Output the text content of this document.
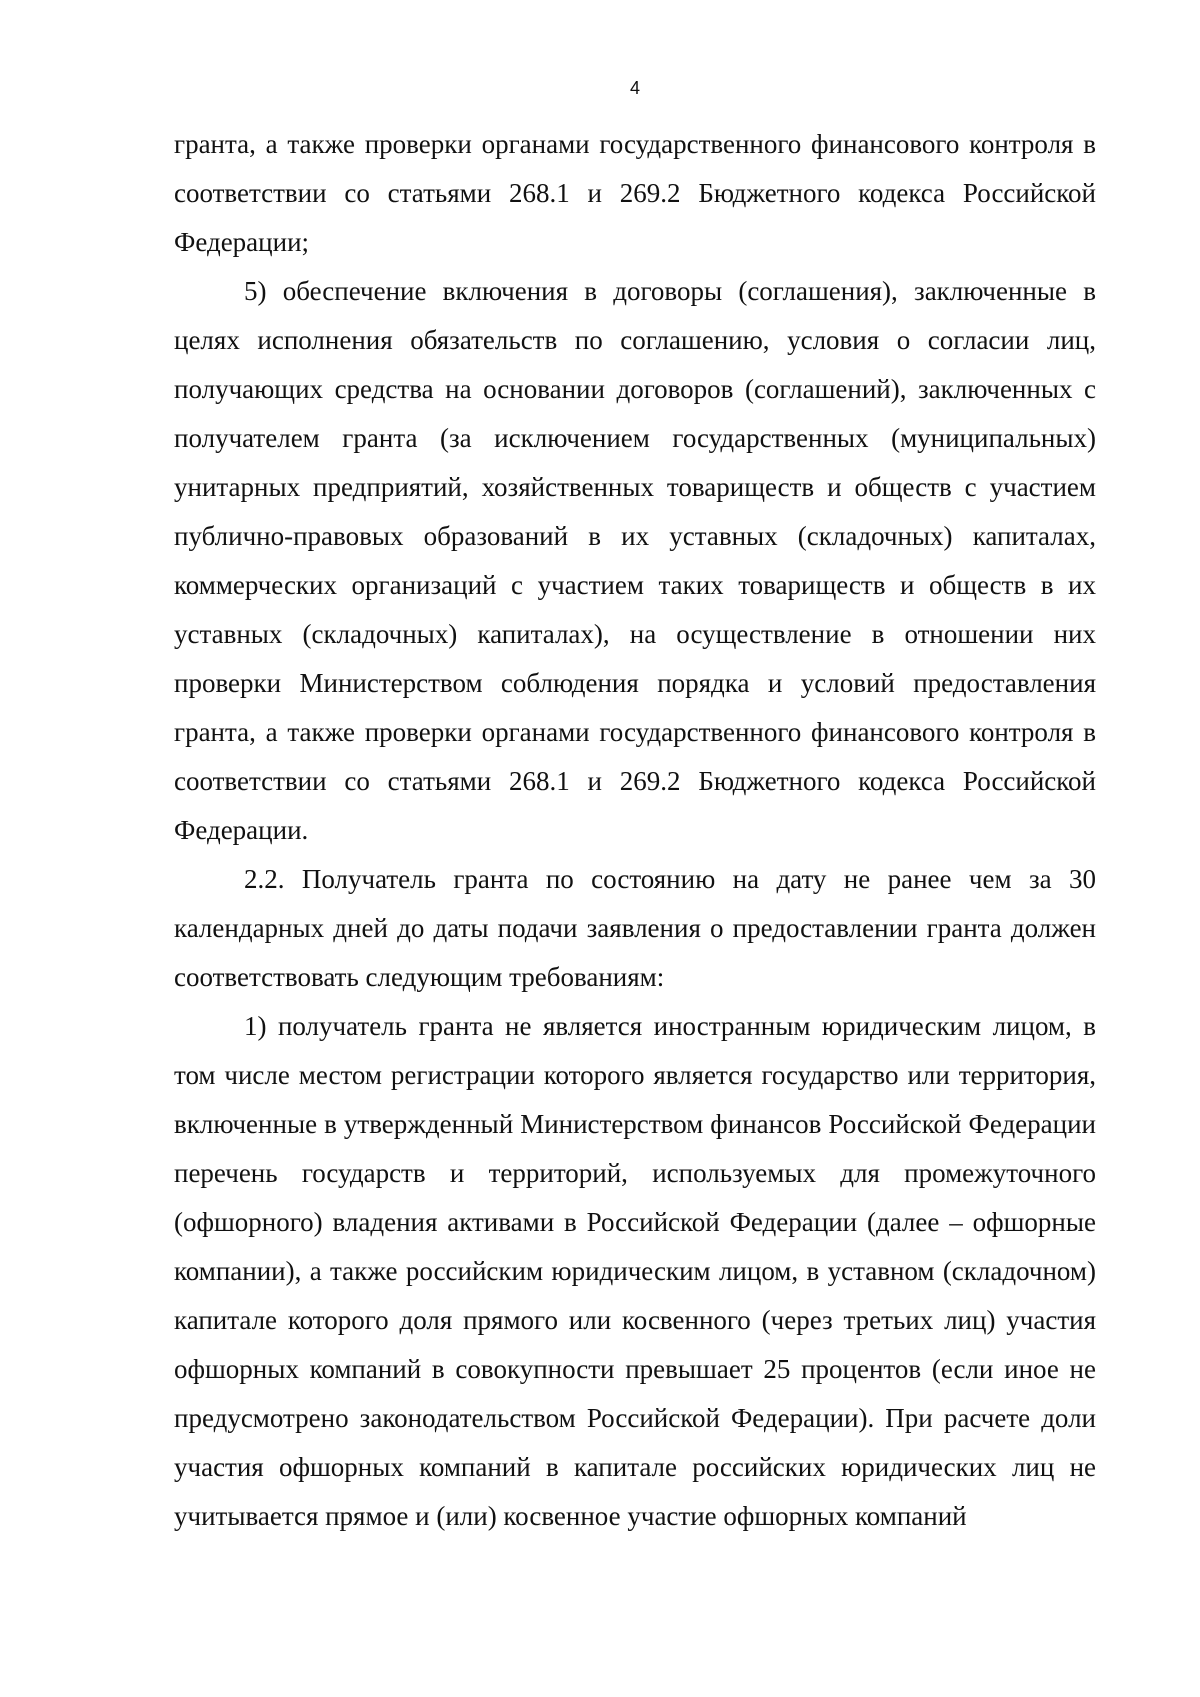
4

гранта, а также проверки органами государственного финансового контроля в соответствии со статьями 268.1 и 269.2 Бюджетного кодекса Российской Федерации;

5) обеспечение включения в договоры (соглашения), заключенные в целях исполнения обязательств по соглашению, условия о согласии лиц, получающих средства на основании договоров (соглашений), заключенных с получателем гранта (за исключением государственных (муниципальных) унитарных предприятий, хозяйственных товариществ и обществ с участием публично-правовых образований в их уставных (складочных) капиталах, коммерческих организаций с участием таких товариществ и обществ в их уставных (складочных) капиталах), на осуществление в отношении них проверки Министерством соблюдения порядка и условий предоставления гранта, а также проверки органами государственного финансового контроля в соответствии со статьями 268.1 и 269.2 Бюджетного кодекса Российской Федерации.

2.2. Получатель гранта по состоянию на дату не ранее чем за 30 календарных дней до даты подачи заявления о предоставлении гранта должен соответствовать следующим требованиям:

1) получатель гранта не является иностранным юридическим лицом, в том числе местом регистрации которого является государство или территория, включенные в утвержденный Министерством финансов Российской Федерации перечень государств и территорий, используемых для промежуточного (офшорного) владения активами в Российской Федерации (далее – офшорные компании), а также российским юридическим лицом, в уставном (складочном) капитале которого доля прямого или косвенного (через третьих лиц) участия офшорных компаний в совокупности превышает 25 процентов (если иное не предусмотрено законодательством Российской Федерации). При расчете доли участия офшорных компаний в капитале российских юридических лиц не учитывается прямое и (или) косвенное участие офшорных компаний
